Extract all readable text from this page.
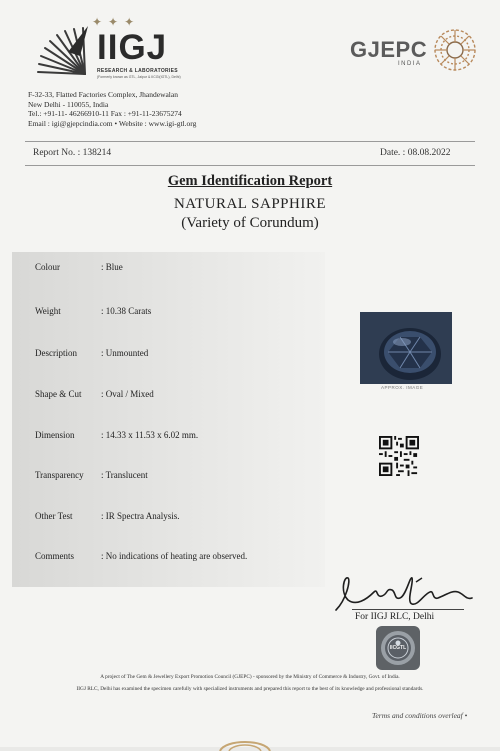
✦✦✦
IIGJ
RESEARCH & LABORATORIES
(Formerly known as GTL, Jaipur & IICGI(IGTL), Delhi)
GJEPC
INDIA
F-32-33, Flatted Factories Complex, Jhandewalan
New Delhi - 110055, India
Tel.: +91-11- 46266910-11 Fax : +91-11-23675274
Email : igi@gjepcindia.com • Website : www.igi-gtl.org
Report No. : 138214	Date. : 08.08.2022
Gem Identification Report
NATURAL SAPPHIRE
(Variety of Corundum)
Colour	: Blue
Weight	: 10.38 Carats
Description	: Unmounted
Shape & Cut : Oval / Mixed
Dimension	: 14.33 x 11.53 x 6.02 mm.
Transparency : Translucent
Other Test	: IR Spectra Analysis.
Comments	: No indications of heating are observed.
APPROX. IMAGE
For IIGJ RLC, Delhi
IICGTL
A project of The Gem & Jewellery Export Promotion Council (GJEPC) - sponsored by the Ministry of Commerce & Industry, Govt. of India.
IIGJ RLC, Delhi has examined the specimen carefully with specialized instruments and prepared this report to the best of its knowledge and professional standards.
Terms and conditions overleaf •
